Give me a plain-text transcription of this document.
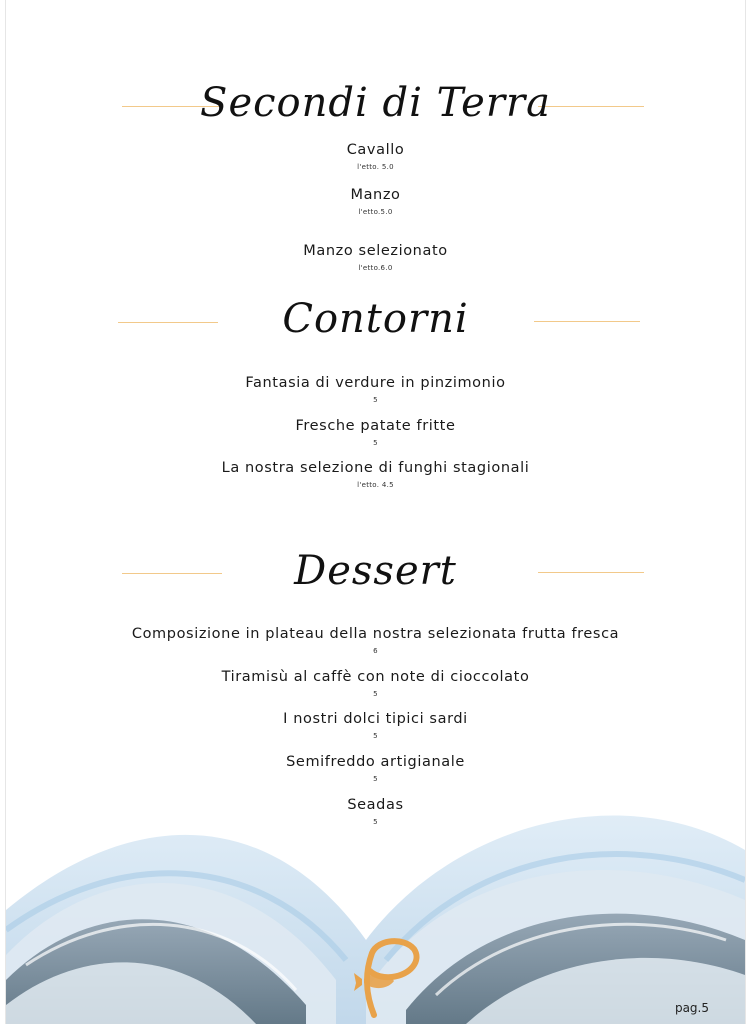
Secondi di Terra
Cavallo
l'etto. 5.0
Manzo
l'etto.5.0
Manzo selezionato
l'etto.6.0
Contorni
Fantasia di verdure in pinzimonio
5
Fresche patate fritte
5
La nostra selezione di funghi stagionali
l'etto. 4.5
Dessert
Composizione in plateau della nostra selezionata frutta fresca
6
Tiramisù al caffè con note di cioccolato
5
I nostri dolci tipici sardi
5
Semifreddo artigianale
5
Seadas
5
pag.5
